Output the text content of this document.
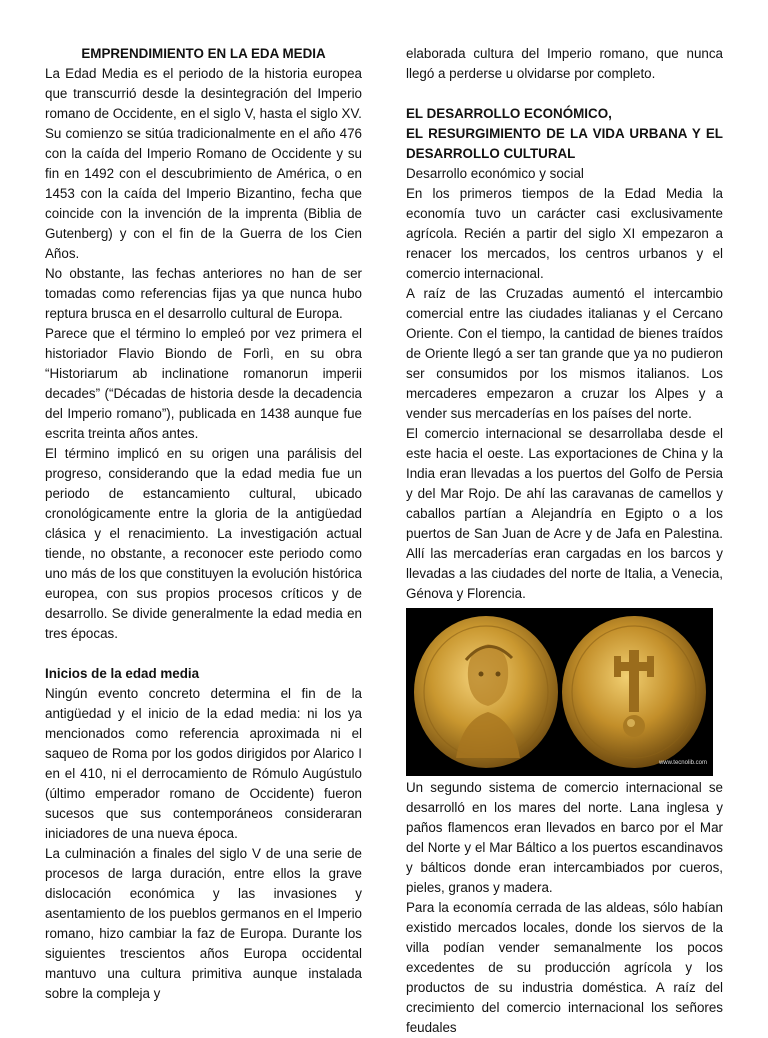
EMPRENDIMIENTO EN LA EDA MEDIA

La Edad Media es el periodo de la historia europea que transcurrió desde la desintegración del Imperio romano de Occidente, en el siglo V, hasta el siglo XV.

Su comienzo se sitúa tradicionalmente en el año 476 con la caída del Imperio Romano de Occidente y su fin en 1492 con el descubrimiento de América, o en 1453 con la caída del Imperio Bizantino, fecha que coincide con la invención de la imprenta (Biblia de Gutenberg) y con el fin de la Guerra de los Cien Años.

No obstante, las fechas anteriores no han de ser tomadas como referencias fijas ya que nunca hubo reptura brusca en el desarrollo cultural de Europa.

Parece que el término lo empleó por vez primera el historiador Flavio Biondo de Forlì, en su obra “Historiarum ab inclinatione romanorun imperii decades” (“Décadas de historia desde la decadencia del Imperio romano”), publicada en 1438 aunque fue escrita treinta años antes.

El término implicó en su origen una parálisis del progreso, considerando que la edad media fue un periodo de estancamiento cultural, ubicado cronológicamente entre la gloria de la antigüedad clásica y el renacimiento. La investigación actual tiende, no obstante, a reconocer este periodo como uno más de los que constituyen la evolución histórica europea, con sus propios procesos críticos y de desarrollo. Se divide generalmente la edad media en tres épocas.

Inicios de la edad media

Ningún evento concreto determina el fin de la antigüedad y el inicio de la edad media: ni los ya mencionados como referencia aproximada ni el saqueo de Roma por los godos dirigidos por Alarico I en el 410, ni el derrocamiento de Rómulo Augústulo (último emperador romano de Occidente) fueron sucesos que sus contemporáneos consideraran iniciadores de una nueva época.

La culminación a finales del siglo V de una serie de procesos de larga duración, entre ellos la grave dislocación económica y las invasiones y asentamiento de los pueblos germanos en el Imperio romano, hizo cambiar la faz de Europa. Durante los siguientes trescientos años Europa occidental mantuvo una cultura primitiva aunque instalada sobre la compleja y

elaborada cultura del Imperio romano, que nunca llegó a perderse u olvidarse por completo.

EL DESARROLLO ECONÓMICO,

EL RESURGIMIENTO DE LA VIDA URBANA Y EL DESARROLLO CULTURAL

Desarrollo económico y social

En los primeros tiempos de la Edad Media la economía tuvo un carácter casi exclusivamente agrícola. Recién a partir del siglo XI empezaron a renacer los mercados, los centros urbanos y el comercio internacional.

A raíz de las Cruzadas aumentó el intercambio comercial entre las ciudades italianas y el Cercano Oriente. Con el tiempo, la cantidad de bienes traídos de Oriente llegó a ser tan grande que ya no pudieron ser consumidos por los mismos italianos. Los mercaderes empezaron a cruzar los Alpes y a vender sus mercaderías en los países del norte.

El comercio internacional se desarrollaba desde el este hacia el oeste. Las exportaciones de China y la India eran llevadas a los puertos del Golfo de Persia y del Mar Rojo. De ahí las caravanas de camellos y caballos partían a Alejandría en Egipto o a los puertos de San Juan de Acre y de Jafa en Palestina. Allí las mercaderías eran cargadas en los barcos y llevadas a las ciudades del norte de Italia, a Venecia, Génova y Florencia.

www.tecnolib.com

Un segundo sistema de comercio internacional se desarrolló en los mares del norte. Lana inglesa y paños flamencos eran llevados en barco por el Mar del Norte y el Mar Báltico a los puertos escandinavos y bálticos donde eran intercambiados por cueros, pieles, granos y madera.

Para la economía cerrada de las aldeas, sólo habían existido mercados locales, donde los siervos de la villa podían vender semanalmente los pocos excedentes de su producción agrícola y los productos de su industria doméstica. A raíz del crecimiento del comercio internacional los señores feudales
